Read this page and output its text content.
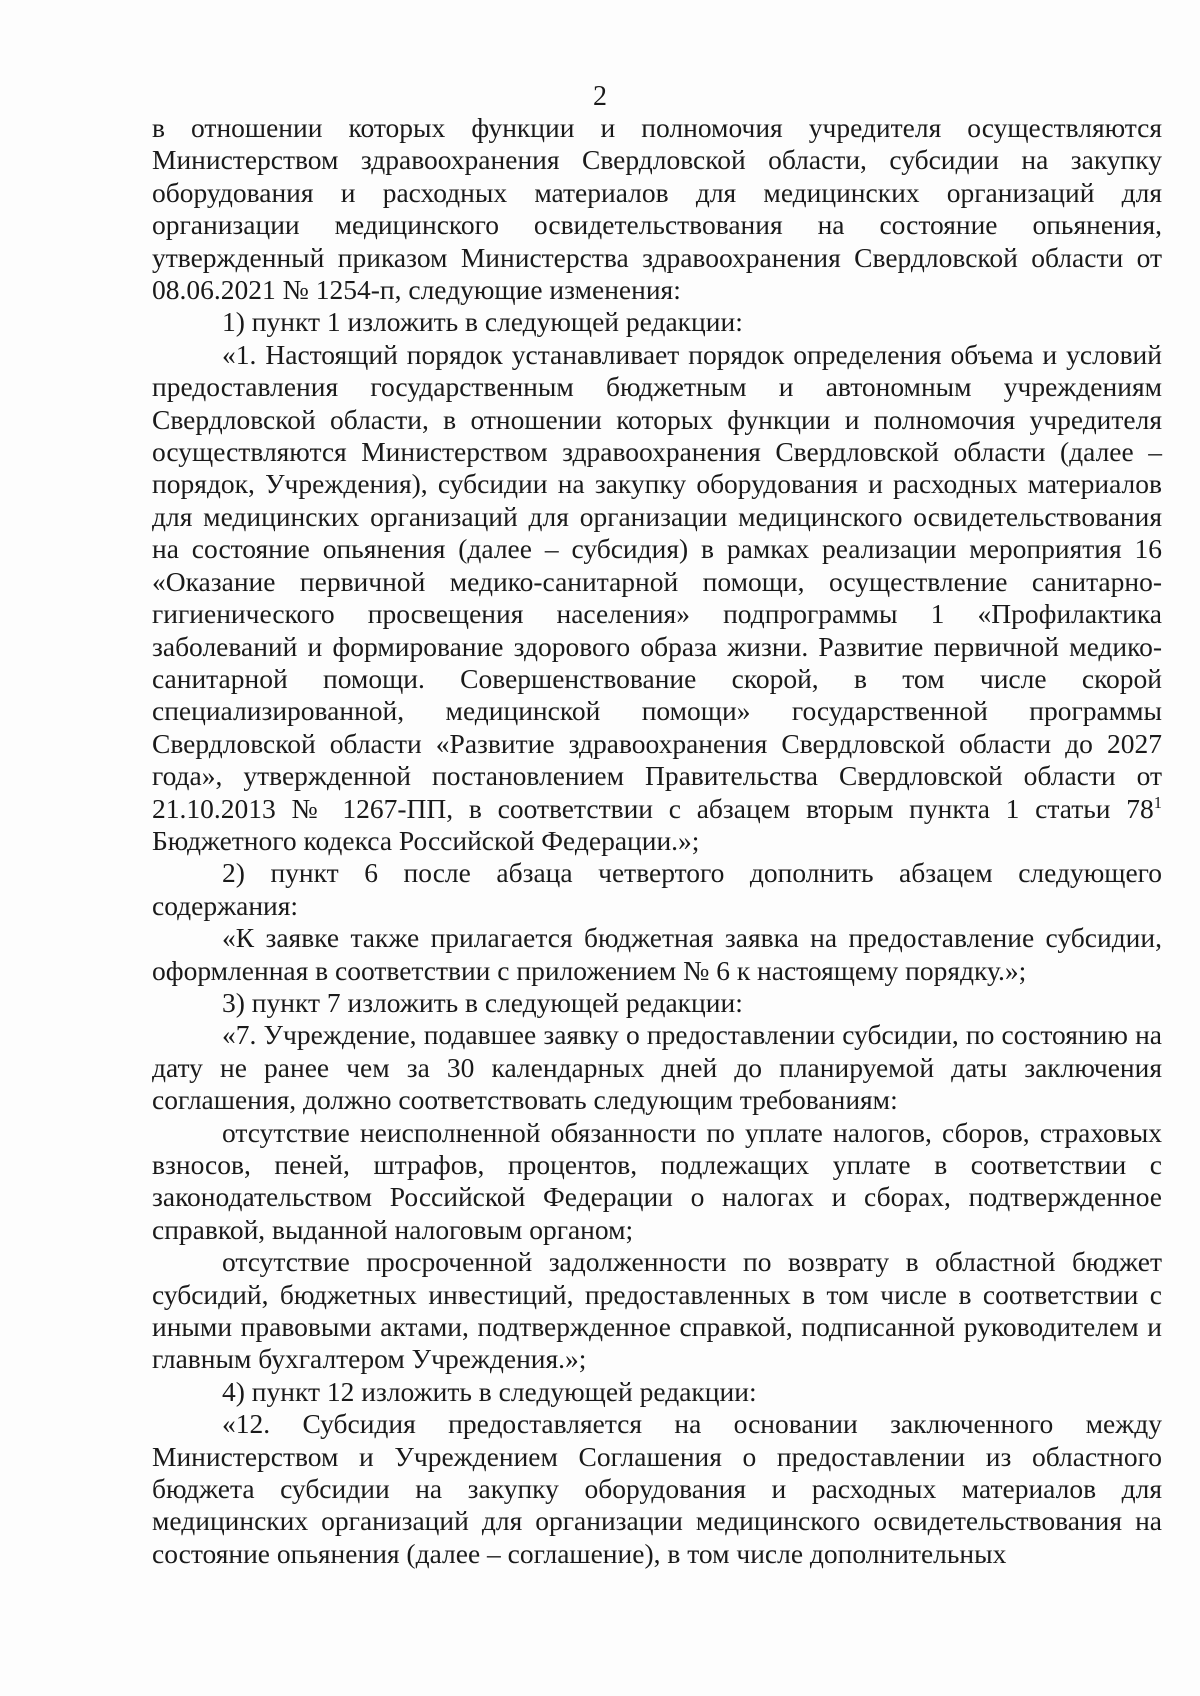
2

в отношении которых функции и полномочия учредителя осуществляются Министерством здравоохранения Свердловской области, субсидии на закупку оборудования и расходных материалов для медицинских организаций для организации медицинского освидетельствования на состояние опьянения, утвержденный приказом Министерства здравоохранения Свердловской области от 08.06.2021 № 1254-п, следующие изменения:

1) пункт 1 изложить в следующей редакции:

«1. Настоящий порядок устанавливает порядок определения объема и условий предоставления государственным бюджетным и автономным учреждениям Свердловской области, в отношении которых функции и полномочия учредителя осуществляются Министерством здравоохранения Свердловской области (далее – порядок, Учреждения), субсидии на закупку оборудования и расходных материалов для медицинских организаций для организации медицинского освидетельствования на состояние опьянения (далее – субсидия) в рамках реализации мероприятия 16 «Оказание первичной медико-санитарной помощи, осуществление санитарно-гигиенического просвещения населения» подпрограммы 1 «Профилактика заболеваний и формирование здорового образа жизни. Развитие первичной медико-санитарной помощи. Совершенствование скорой, в том числе скорой специализированной, медицинской помощи» государственной программы Свердловской области «Развитие здравоохранения Свердловской области до 2027 года», утвержденной постановлением Правительства Свердловской области от 21.10.2013 № 1267-ПП, в соответствии с абзацем вторым пункта 1 статьи $78^1$ Бюджетного кодекса Российской Федерации.»;

2) пункт 6 после абзаца четвертого дополнить абзацем следующего содержания:

«К заявке также прилагается бюджетная заявка на предоставление субсидии, оформленная в соответствии с приложением № 6 к настоящему порядку.»;

3) пункт 7 изложить в следующей редакции:

«7. Учреждение, подавшее заявку о предоставлении субсидии, по состоянию на дату не ранее чем за 30 календарных дней до планируемой даты заключения соглашения, должно соответствовать следующим требованиям:

отсутствие неисполненной обязанности по уплате налогов, сборов, страховых взносов, пеней, штрафов, процентов, подлежащих уплате в соответствии с законодательством Российской Федерации о налогах и сборах, подтвержденное справкой, выданной налоговым органом;

отсутствие просроченной задолженности по возврату в областной бюджет субсидий, бюджетных инвестиций, предоставленных в том числе в соответствии с иными правовыми актами, подтвержденное справкой, подписанной руководителем и главным бухгалтером Учреждения.»;

4) пункт 12 изложить в следующей редакции:

«12. Субсидия предоставляется на основании заключенного между Министерством и Учреждением Соглашения о предоставлении из областного бюджета субсидии на закупку оборудования и расходных материалов для медицинских организаций для организации медицинского освидетельствования на состояние опьянения (далее – соглашение), в том числе дополнительных
